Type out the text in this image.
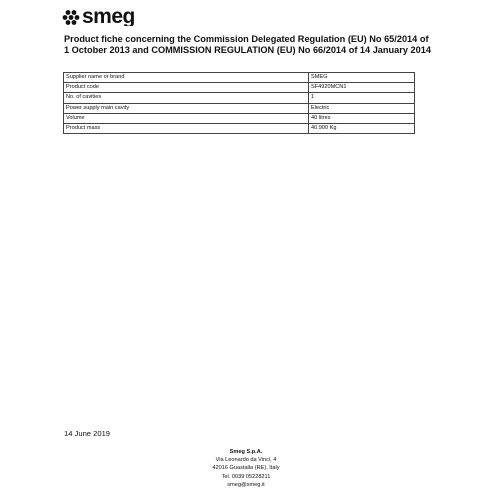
smeg
Product fiche concerning the Commission Delegated Regulation (EU) No 65/2014 of 1 October 2013 and COMMISSION REGULATION (EU) No 66/2014 of 14 January 2014
Supplier name or brand	SMEG
Product code	SF4920MCN1
No. of cavities	1
Power supply main cavity	Electric
Volume	40 litres
Product mass	40.900 Kg
14 June 2019
Smeg S.p.A.
Via Leonardo da Vinci, 4
42016 Guastalla (RE), Italy
Tel. 0039 05228211
smeg@smeg.it
